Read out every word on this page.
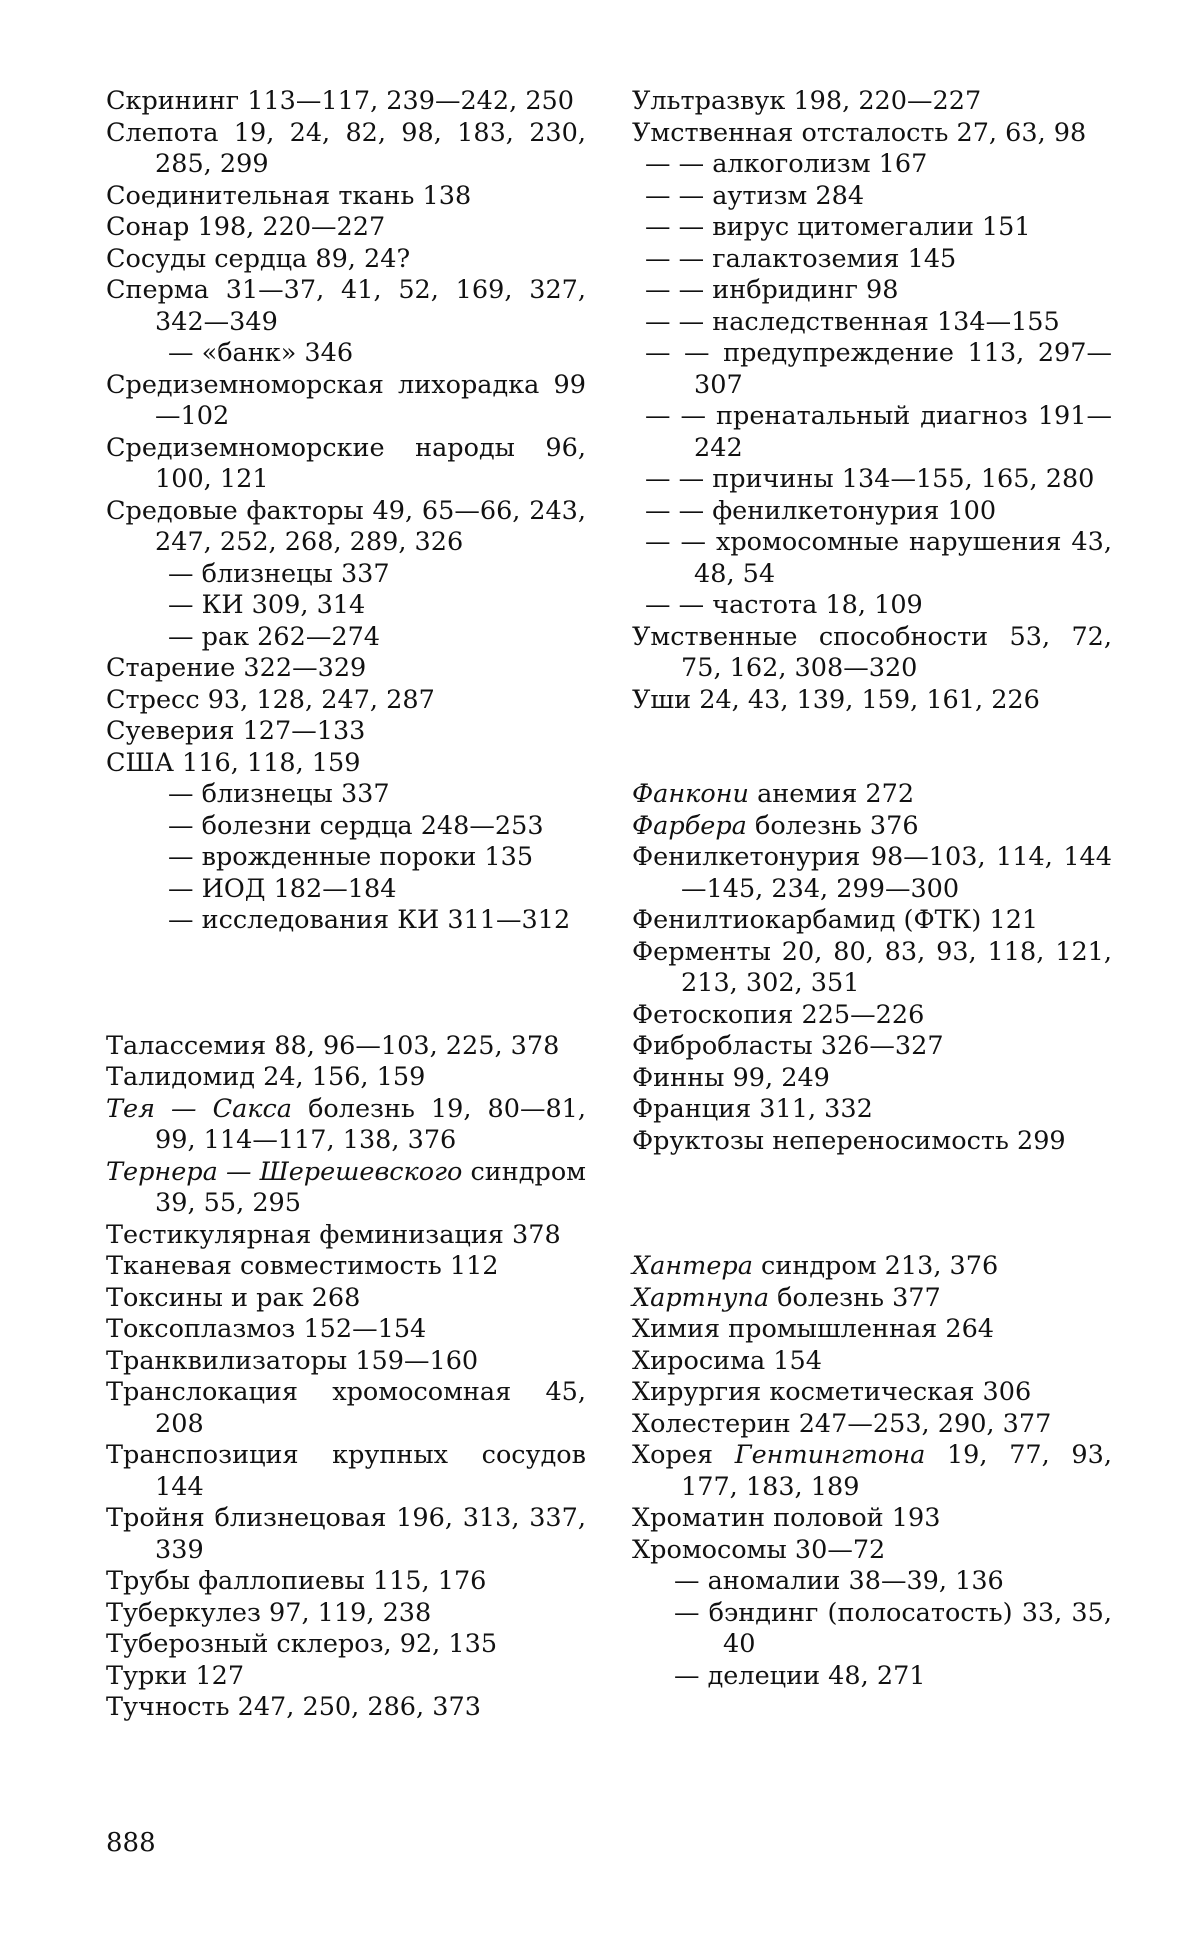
Скрининг 113—117, 239—242, 250

Слепота 19, 24, 82, 98, 183, 230, 285, 299

Соединительная ткань 138

Сонар 198, 220—227

Сосуды сердца 89, 24?

Сперма 31—37, 41, 52, 169, 327, 342—349

— «банк» 346

Средиземноморская лихорадка 99—102

Средиземноморские народы 96, 100, 121

Средовые факторы 49, 65—66, 243, 247, 252, 268, 289, 326

— близнецы 337

— КИ 309, 314

— рак 262—274

Старение 322—329

Стресс 93, 128, 247, 287

Суеверия 127—133

США 116, 118, 159

— близнецы 337

— болезни сердца 248—253

— врожденные пороки 135

— ИОД 182—184

— исследования КИ 311—312

Талассемия 88, 96—103, 225, 378

Талидомид 24, 156, 159

Тея — Сакса болезнь 19, 80—81, 99, 114—117, 138, 376

Тернера — Шерешевского синдром 39, 55, 295

Тестикулярная феминизация 378

Тканевая совместимость 112

Токсины и рак 268

Токсоплазмоз 152—154

Транквилизаторы 159—160

Транслокация хромосомная 45, 208

Транспозиция крупных сосудов 144

Тройня близнецовая 196, 313, 337, 339

Трубы фаллопиевы 115, 176

Туберкулез 97, 119, 238

Туберозный склероз, 92, 135

Турки 127

Тучность 247, 250, 286, 373

Ультразвук 198, 220—227

Умственная отсталость 27, 63, 98

— — алкоголизм 167

— — аутизм 284

— — вирус цитомегалии 151

— — галактоземия 145

— — инбридинг 98

— — наследственная 134—155

— — предупреждение 113, 297—307

— — пренатальный диагноз 191—242

— — причины 134—155, 165, 280

— — фенилкетонурия 100

— — хромосомные нарушения 43, 48, 54

— — частота 18, 109

Умственные способности 53, 72, 75, 162, 308—320

Уши 24, 43, 139, 159, 161, 226

Фанкони анемия 272

Фарбера болезнь 376

Фенилкетонурия 98—103, 114, 144—145, 234, 299—300

Фенилтиокарбамид (ФТК) 121

Ферменты 20, 80, 83, 93, 118, 121, 213, 302, 351

Фетоскопия 225—226

Фибробласты 326—327

Финны 99, 249

Франция 311, 332

Фруктозы непереносимость 299

Хантера синдром 213, 376

Хартнупа болезнь 377

Химия промышленная 264

Хиросима 154

Хирургия косметическая 306

Холестерин 247—253, 290, 377

Хорея Гентингтона 19, 77, 93, 177, 183, 189

Хроматин половой 193

Хромосомы 30—72

— аномалии 38—39, 136

— бэндинг (полосатость) 33, 35, 40

— делеции 48, 271

888
